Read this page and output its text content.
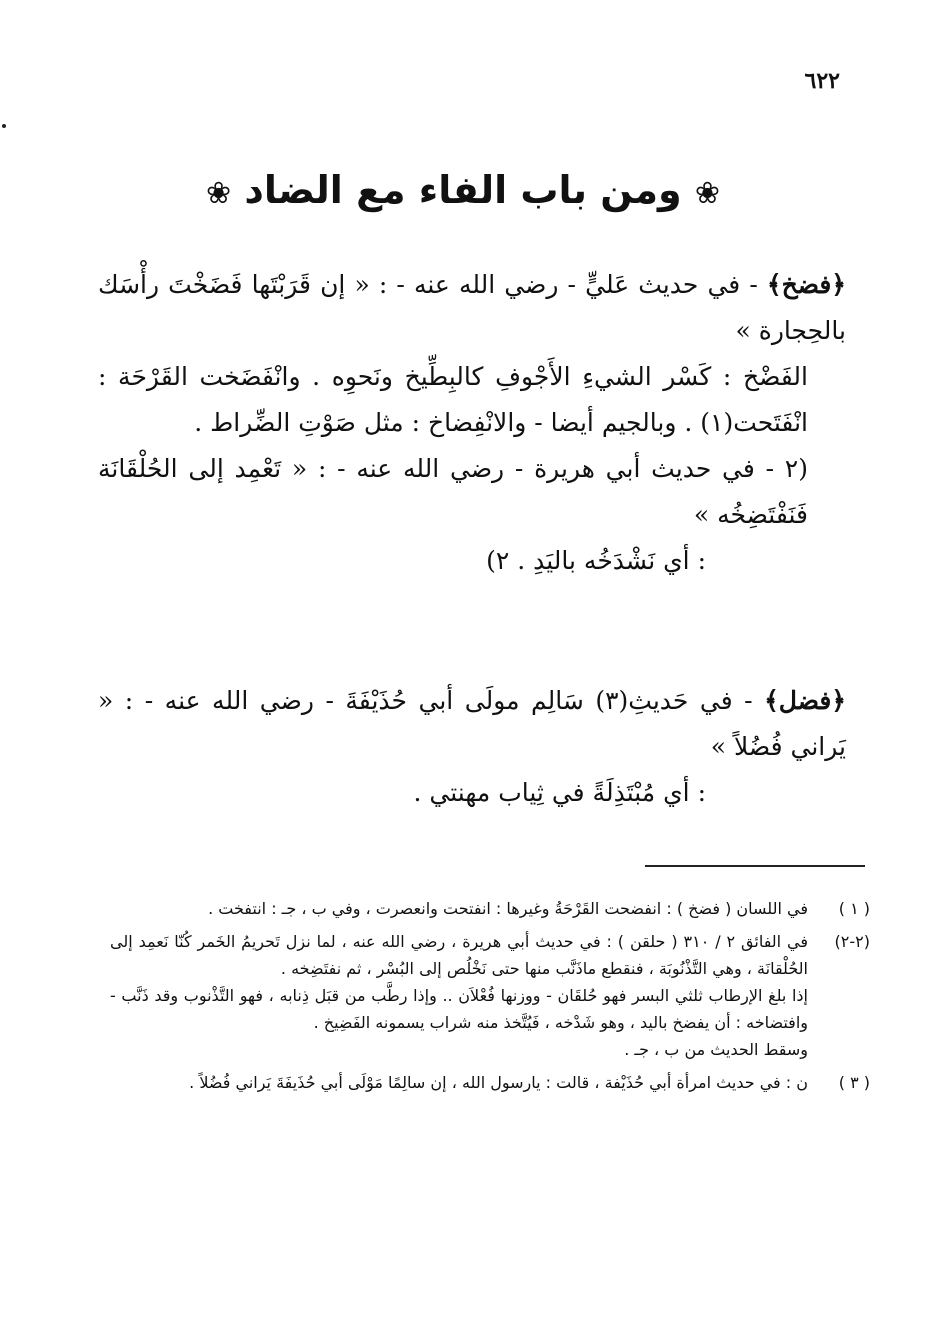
٦٢٢
❀ ومن باب الفاء مع الضاد ❀

﴿فضخ﴾ - في حديث عَليٍّ - رضي الله عنه - : « إن قَرَبْتَها فَضَخْتَ رأْسَك بالحِجارة »

الفَضْخ : كَسْر الشيءِ الأَجْوفِ كالبِطِّيخ ونَحوِه . وانْفَضَخت القَرْحَة : انْفَتَحت(١) . وبالجيم أيضا - والانْفِضاخ : مثل صَوْتِ الضِّراط .

(٢ - في حديث أبي هريرة - رضي الله عنه - : « تَعْمِد إلى الحُلْقَانَة فَنَفْتَضِخُه »

: أي نَشْدَخُه باليَدِ . ٢)

﴿فضل﴾ - في حَديثِ(٣) سَالِم مولَى أبي حُذَيْفَةَ - رضي الله عنه - : « يَراني فُضُلاً »

: أي مُبْتَذِلَةً في ثِياب مهنتي .

( ١ )

في اللسان ( فضخ ) : انفضحت القَرْحَةُ وغيرها : انفتحت وانعصرت ، وفي ب ، جـ : انتفخت .

(٢-٢)

في الفائق ٢ / ٣١٠ ( حلقن ) : في حديث أبي هريرة ، رضي الله عنه ، لما نزل تَحريمُ الخَمر كُنّا نَعمِد إلى الحُلْقانَة ، وهي التَّذْنُوبَة ، فنقطع ماذَنَّب منها حتى نَخْلُص إلى البُسْر ، ثم نفتَضِخه .

إذا بلغ الإرطاب ثلثي البسر فهو حُلقَان - ووزنها فُعْلاَن .. وإذا رطَّب من قبَل ذِنابه ، فهو التَّذْنوب وقد ذَنَّب - وافتضاخه : أن يفضخ باليد ، وهو شَدْخه ، فَيُتَّخذ منه شراب يسمونه الفَضِيخ .

وسقط الحديث من ب ، جـ .

( ٣ )

ن : في حديث امرأة أبي حُذَيْفة ، قالت : يارسول الله ، إن سالِمًا مَوْلَى أبي حُذَيفَةَ يَراني فُضُلاً .
